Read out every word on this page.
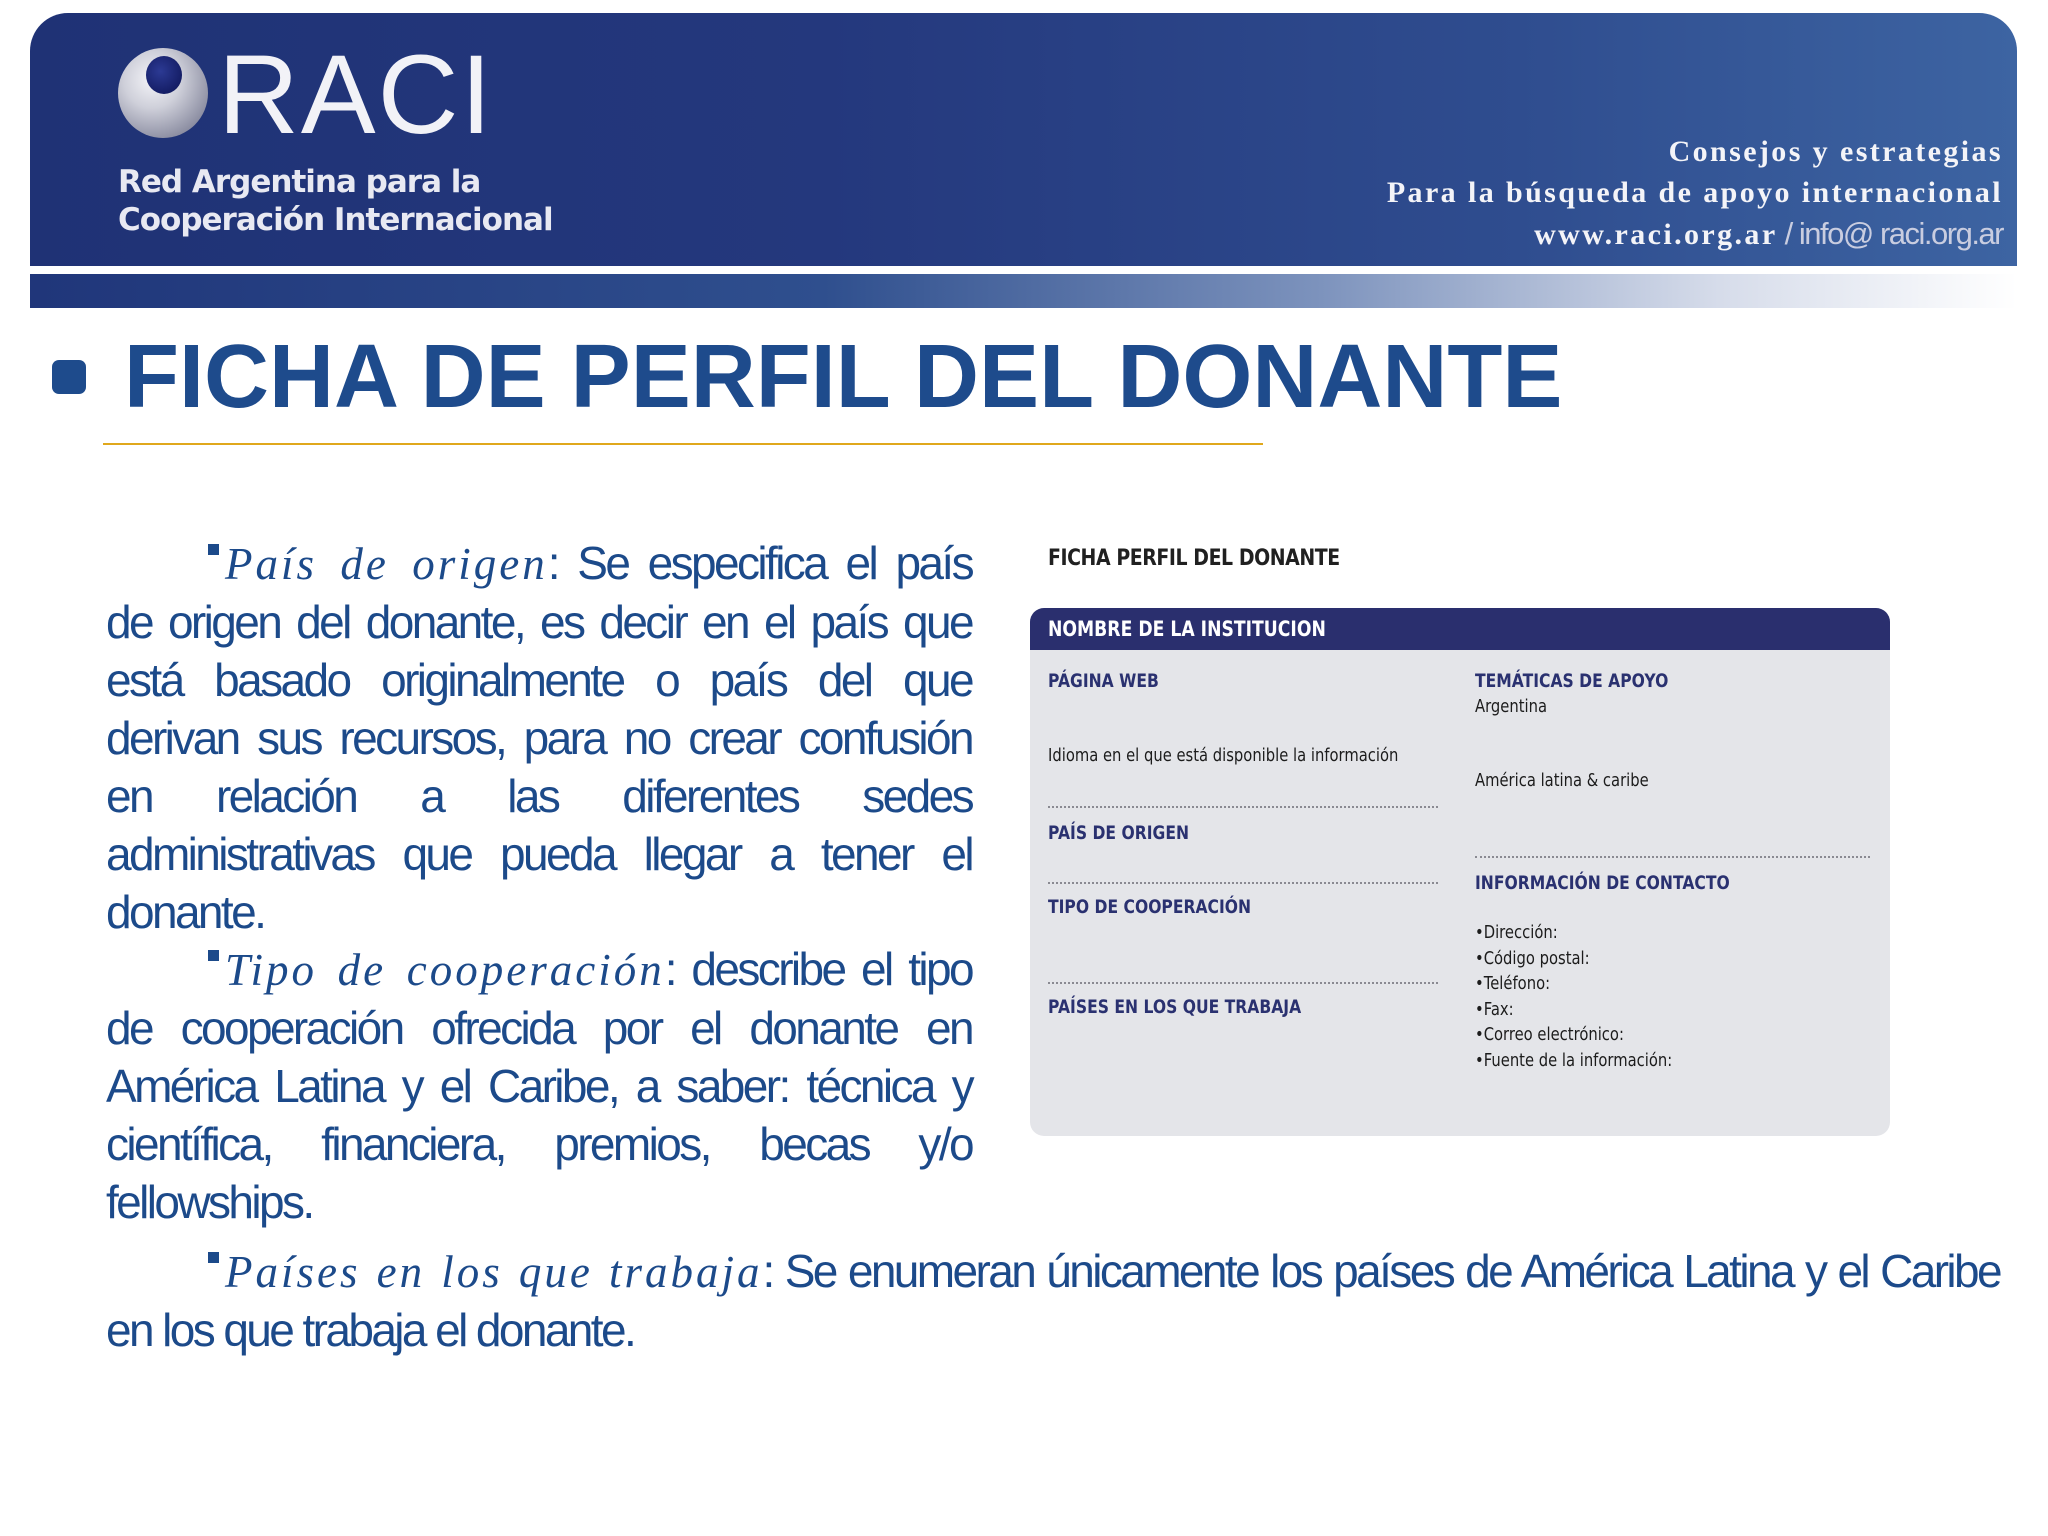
RACI
Red Argentina para la
Cooperación Internacional
Consejos y estrategias
Para la búsqueda de apoyo internacional
www.raci.org.ar / info@ raci.org.ar
FICHA DE PERFIL DEL DONANTE
País de origen: Se especifica el país de origen del donante, es decir en el país que está basado originalmente o país del que derivan sus recursos, para no crear confusión en relación a las diferentes sedes administrativas que pueda llegar a tener el donante.
Tipo de cooperación: describe el tipo de cooperación ofrecida por el donante en América Latina y el Caribe, a saber: técnica y científica, financiera, premios, becas y/o fellowships.
Países en los que trabaja: Se enumeran únicamente los países de América Latina y el Caribe en los que trabaja el donante.
FICHA PERFIL DEL DONANTE
NOMBRE DE LA INSTITUCION
PÁGINA WEB
Idioma en el que está disponible la información
PAÍS DE ORIGEN
TIPO DE COOPERACIÓN
PAÍSES EN LOS QUE TRABAJA
TEMÁTICAS DE APOYO
Argentina
América latina & caribe
INFORMACIÓN DE CONTACTO
• Dirección:
• Código postal:
• Teléfono:
• Fax:
• Correo electrónico:
• Fuente de la información:
